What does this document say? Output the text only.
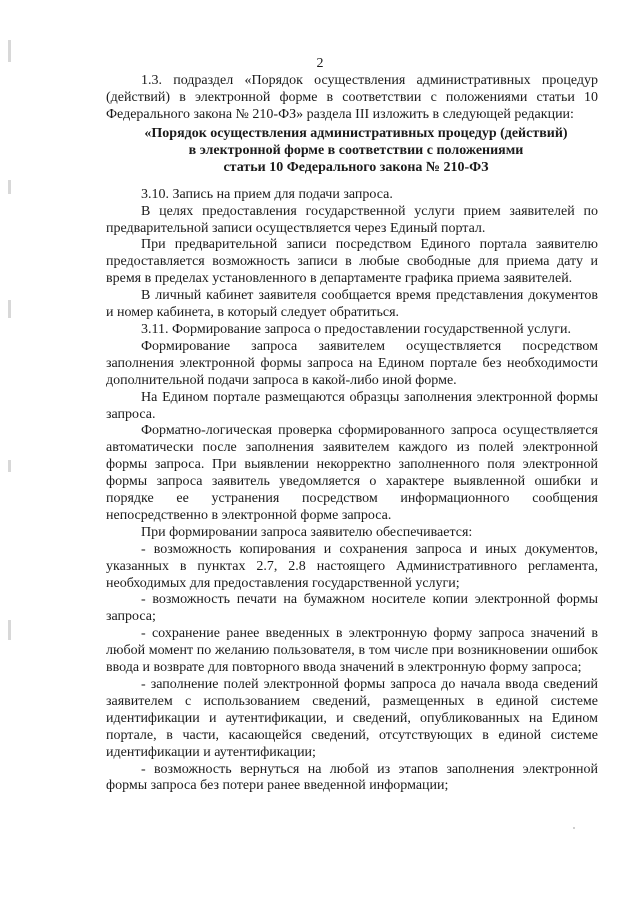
2

1.3. подраздел «Порядок осуществления административных процедур (действий) в электронной форме в соответствии с положениями статьи 10 Федерального закона № 210-ФЗ» раздела III изложить в следующей редакции:

«Порядок осуществления административных процедур (действий)

в электронной форме в соответствии с положениями

статьи 10 Федерального закона № 210-ФЗ

3.10. Запись на прием для подачи запроса.

В целях предоставления государственной услуги прием заявителей по предварительной записи осуществляется через Единый портал.

При предварительной записи посредством Единого портала заявителю предоставляется возможность записи в любые свободные для приема дату и время в пределах установленного в департаменте графика приема заявителей.

В личный кабинет заявителя сообщается время представления документов и номер кабинета, в который следует обратиться.

3.11. Формирование запроса о предоставлении государственной услуги.

Формирование запроса заявителем осуществляется посредством заполнения электронной формы запроса на Едином портале без необходимости дополнительной подачи запроса в какой-либо иной форме.

На Едином портале размещаются образцы заполнения электронной формы запроса.

Форматно-логическая проверка сформированного запроса осуществляется автоматически после заполнения заявителем каждого из полей электронной формы запроса. При выявлении некорректно заполненного поля электронной формы запроса заявитель уведомляется о характере выявленной ошибки и порядке ее устранения посредством информационного сообщения непосредственно в электронной форме запроса.

При формировании запроса заявителю обеспечивается:

- возможность копирования и сохранения запроса и иных документов, указанных в пунктах 2.7, 2.8 настоящего Административного регламента, необходимых для предоставления государственной услуги;

- возможность печати на бумажном носителе копии электронной формы запроса;

- сохранение ранее введенных в электронную форму запроса значений в любой момент по желанию пользователя, в том числе при возникновении ошибок ввода и возврате для повторного ввода значений в электронную форму запроса;

- заполнение полей электронной формы запроса до начала ввода сведений заявителем с использованием сведений, размещенных в единой системе идентификации и аутентификации, и сведений, опубликованных на Едином портале, в части, касающейся сведений, отсутствующих в единой системе идентификации и аутентификации;

- возможность вернуться на любой из этапов заполнения электронной формы запроса без потери ранее введенной информации;
